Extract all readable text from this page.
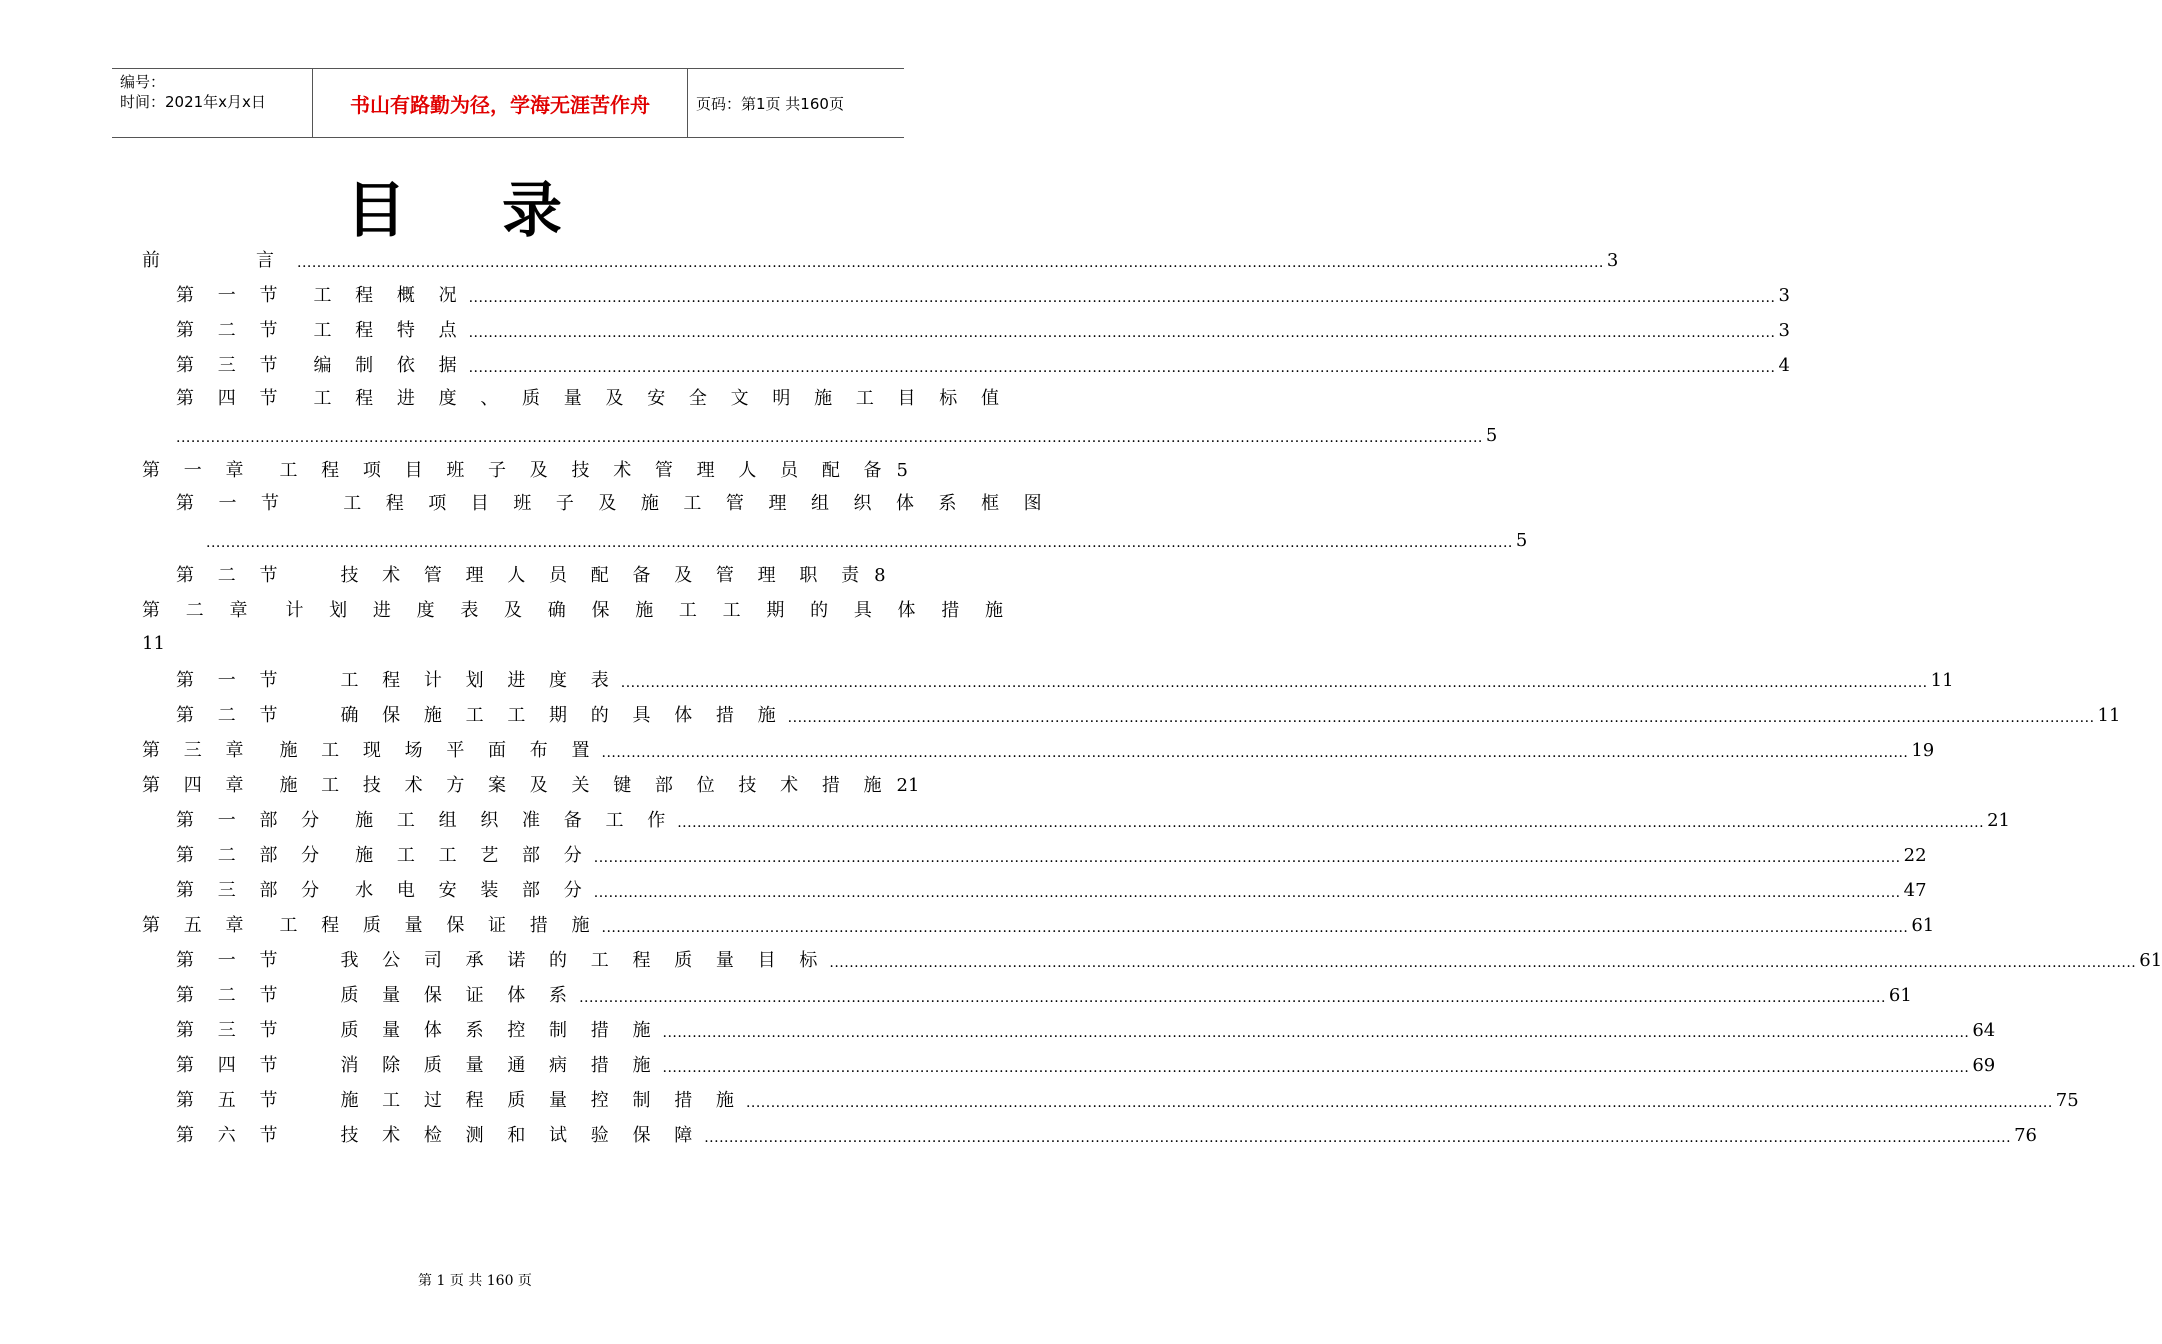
编号：
时间：2021年x月x日	书山有路勤为径，学海无涯苦作舟	页码：第1页 共160页
目录
前　　言 .....	3
第 一 节　工 程 概 况 .....	3
第 二 节　工 程 特 点 .....	3
第 三 节　编 制 依 据 .....	4
第 四 节　工 程 进 度 、 质 量 及 安 全 文 明 施 工 目 标 值
.....
5
第 一 章　工 程 项 目 班 子 及 技 术 管 理 人 员 配 备 5
第 一 节　　工 程 项 目 班 子 及 施 工 管 理 组 织 体 系 框 图
.....
5
第 二 节　　技 术 管 理 人 员 配 备 及 管 理 职 责 8
第 二 章　计 划 进 度 表 及 确 保 施 工 工 期 的 具 体 措 施
11
第 一 节　　工 程 计 划 进 度 表 .....	11
第 二 节　　确 保 施 工 工 期 的 具 体 措 施 .....	11
第 三 章　施 工 现 场 平 面 布 置 .....	19
第 四 章　施 工 技 术 方 案 及 关 键 部 位 技 术 措 施 21
第 一 部 分　施 工 组 织 准 备 工 作 .....	21
第 二 部 分　施 工 工 艺 部 分 .....	22
第 三 部 分　水 电 安 装 部 分 .....	47
第 五 章　工 程 质 量 保 证 措 施 .....	61
第 一 节　　我 公 司 承 诺 的 工 程 质 量 目 标 .....	61
第 二 节　　质 量 保 证 体 系 .....	61
第 三 节　　质 量 体 系 控 制 措 施 .....	64
第 四 节　　消 除 质 量 通 病 措 施 .....	69
第 五 节　　施 工 过 程 质 量 控 制 措 施 .....	75
第 六 节　　技 术 检 测 和 试 验 保 障 .....	76
第 1 页 共 160 页
